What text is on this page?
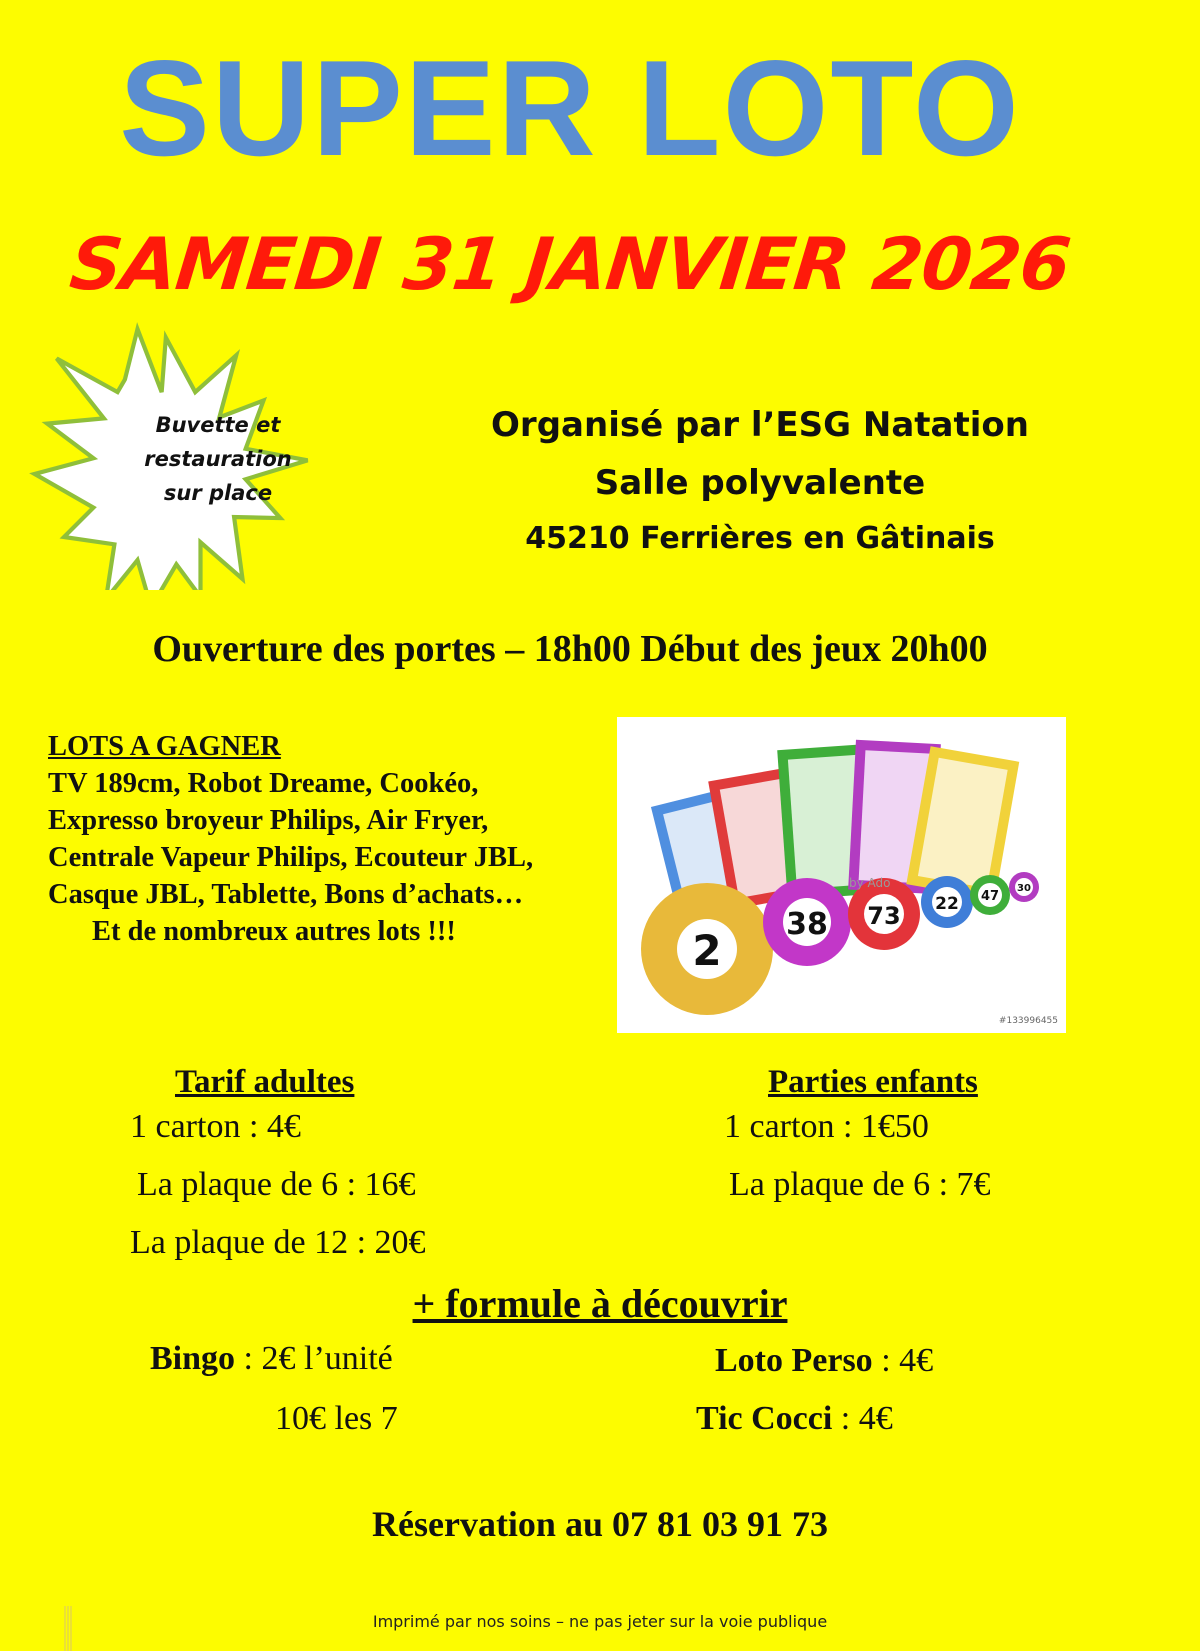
SUPER LOTO
SAMEDI 31 JANVIER 2026
Buvette et
restauration
sur place
Organisé par l’ESG Natation
Salle polyvalente
45210 Ferrières en Gâtinais
Ouverture des portes – 18h00 Début des jeux 20h00
LOTS A GAGNER
TV 189cm, Robot Dreame, Cookéo, Expresso broyeur Philips, Air Fryer, Centrale Vapeur Philips, Ecouteur JBL, Casque JBL, Tablette, Bons d’achats…
Et de nombreux autres lots !!!	2
38 73 22 47
30
by Ado
#133996455
Tarif adultes
1 carton : 4€
La plaque de 6 : 16€
La plaque de 12 : 20€
Parties enfants
1 carton : 1€50
La plaque de 6 : 7€
+ formule à découvrir
Bingo : 2€ l’unité
10€ les 7
Loto Perso : 4€
Tic Cocci : 4€
Réservation au 07 81 03 91 73
Imprimé par nos soins – ne pas jeter sur la voie publique
